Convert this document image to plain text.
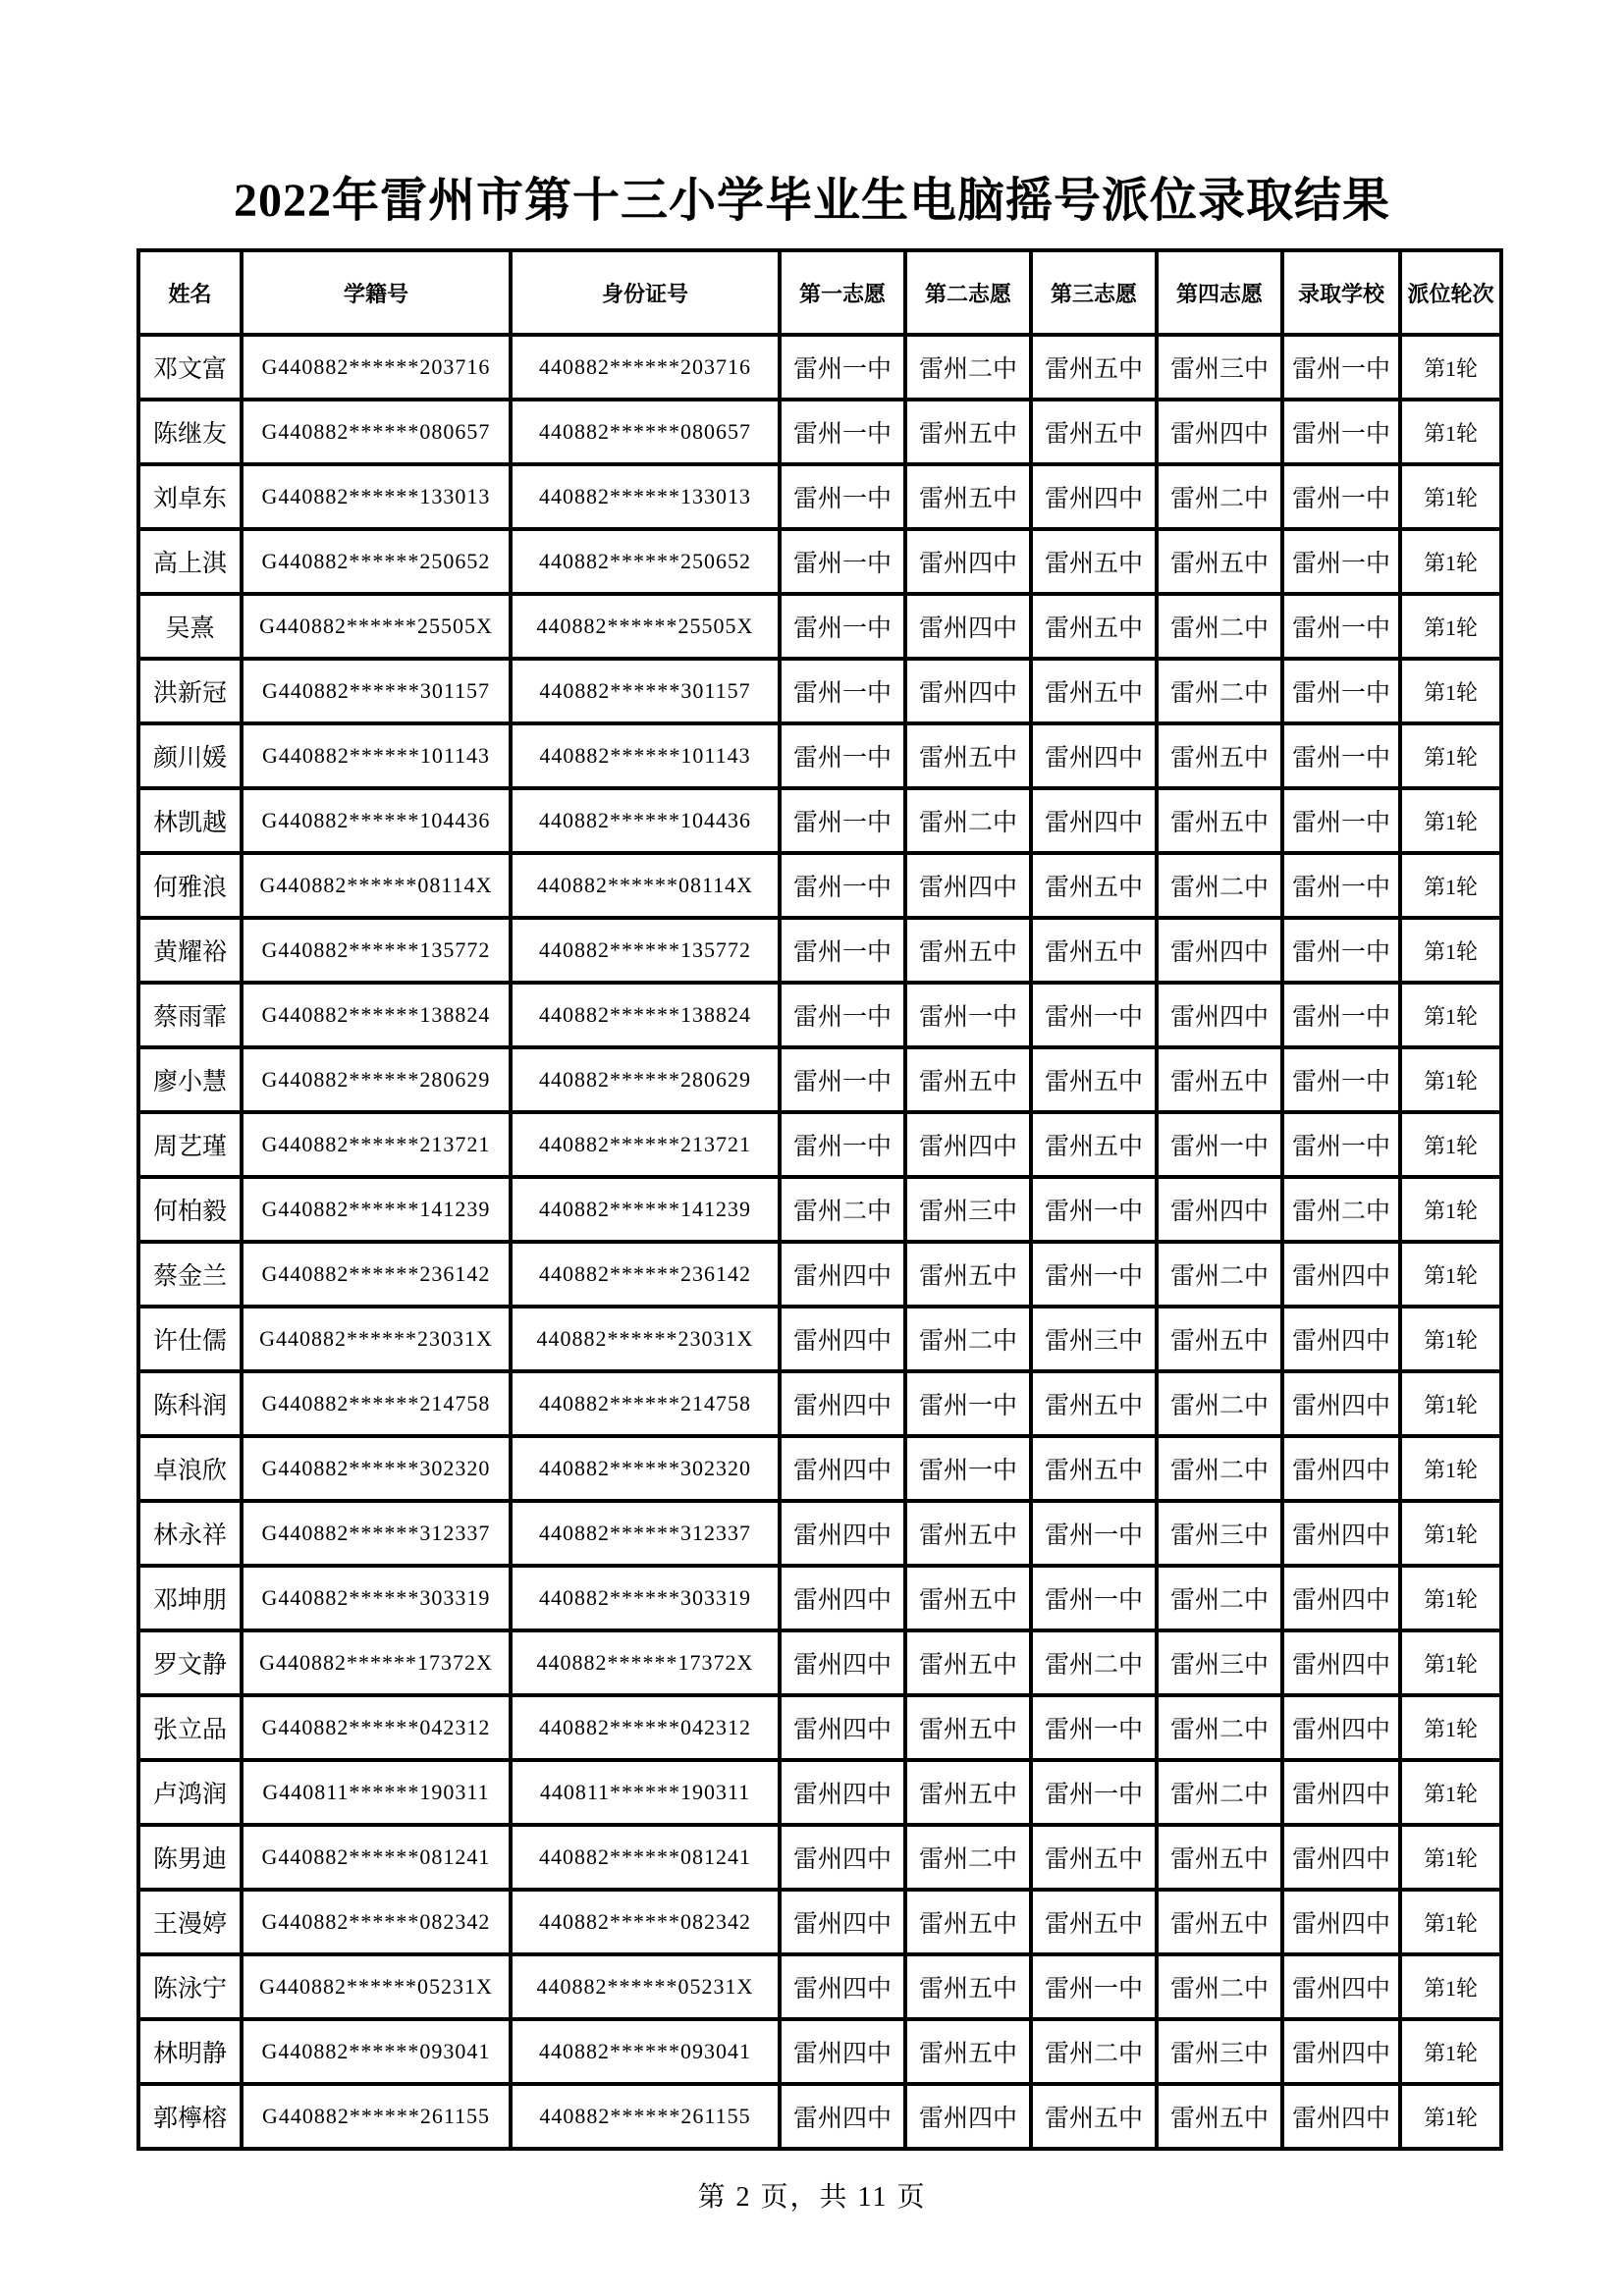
2022年雷州市第十三小学毕业生电脑摇号派位录取结果
姓名	学籍号	身份证号	第一志愿	第二志愿	第三志愿	第四志愿	录取学校	派位轮次
邓文富	G440882******203716	440882******203716	雷州一中	雷州二中	雷州五中	雷州三中	雷州一中	第1轮
陈继友	G440882******080657	440882******080657	雷州一中	雷州五中	雷州五中	雷州四中	雷州一中	第1轮
刘卓东	G440882******133013	440882******133013	雷州一中	雷州五中	雷州四中	雷州二中	雷州一中	第1轮
高上淇	G440882******250652	440882******250652	雷州一中	雷州四中	雷州五中	雷州五中	雷州一中	第1轮
吴熹	G440882******25505X	440882******25505X	雷州一中	雷州四中	雷州五中	雷州二中	雷州一中	第1轮
洪新冠	G440882******301157	440882******301157	雷州一中	雷州四中	雷州五中	雷州二中	雷州一中	第1轮
颜川媛	G440882******101143	440882******101143	雷州一中	雷州五中	雷州四中	雷州五中	雷州一中	第1轮
林凯越	G440882******104436	440882******104436	雷州一中	雷州二中	雷州四中	雷州五中	雷州一中	第1轮
何雅浪	G440882******08114X	440882******08114X	雷州一中	雷州四中	雷州五中	雷州二中	雷州一中	第1轮
黄耀裕	G440882******135772	440882******135772	雷州一中	雷州五中	雷州五中	雷州四中	雷州一中	第1轮
蔡雨霏	G440882******138824	440882******138824	雷州一中	雷州一中	雷州一中	雷州四中	雷州一中	第1轮
廖小慧	G440882******280629	440882******280629	雷州一中	雷州五中	雷州五中	雷州五中	雷州一中	第1轮
周艺瑾	G440882******213721	440882******213721	雷州一中	雷州四中	雷州五中	雷州一中	雷州一中	第1轮
何柏毅	G440882******141239	440882******141239	雷州二中	雷州三中	雷州一中	雷州四中	雷州二中	第1轮
蔡金兰	G440882******236142	440882******236142	雷州四中	雷州五中	雷州一中	雷州二中	雷州四中	第1轮
许仕儒	G440882******23031X	440882******23031X	雷州四中	雷州二中	雷州三中	雷州五中	雷州四中	第1轮
陈科润	G440882******214758	440882******214758	雷州四中	雷州一中	雷州五中	雷州二中	雷州四中	第1轮
卓浪欣	G440882******302320	440882******302320	雷州四中	雷州一中	雷州五中	雷州二中	雷州四中	第1轮
林永祥	G440882******312337	440882******312337	雷州四中	雷州五中	雷州一中	雷州三中	雷州四中	第1轮
邓坤朋	G440882******303319	440882******303319	雷州四中	雷州五中	雷州一中	雷州二中	雷州四中	第1轮
罗文静	G440882******17372X	440882******17372X	雷州四中	雷州五中	雷州二中	雷州三中	雷州四中	第1轮
张立品	G440882******042312	440882******042312	雷州四中	雷州五中	雷州一中	雷州二中	雷州四中	第1轮
卢鸿润	G440811******190311	440811******190311	雷州四中	雷州五中	雷州一中	雷州二中	雷州四中	第1轮
陈男迪	G440882******081241	440882******081241	雷州四中	雷州二中	雷州五中	雷州五中	雷州四中	第1轮
王漫婷	G440882******082342	440882******082342	雷州四中	雷州五中	雷州五中	雷州五中	雷州四中	第1轮
陈泳宁	G440882******05231X	440882******05231X	雷州四中	雷州五中	雷州一中	雷州二中	雷州四中	第1轮
林明静	G440882******093041	440882******093041	雷州四中	雷州五中	雷州二中	雷州三中	雷州四中	第1轮
郭檸榕	G440882******261155	440882******261155	雷州四中	雷州四中	雷州五中	雷州五中	雷州四中	第1轮
第 2 页，共 11 页
